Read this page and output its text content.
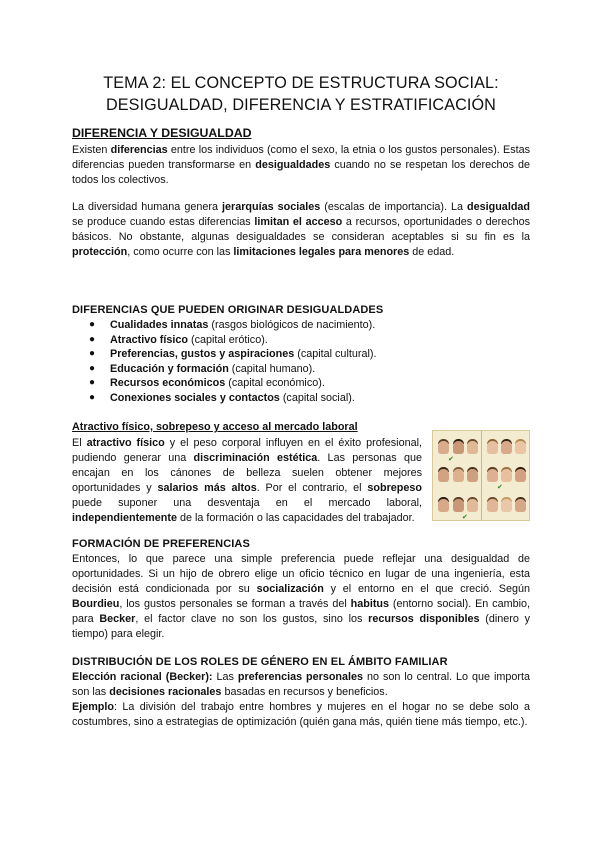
TEMA 2: EL CONCEPTO DE ESTRUCTURA SOCIAL:
DESIGUALDAD, DIFERENCIA Y ESTRATIFICACIÓN
DIFERENCIA Y DESIGUALDAD

Existen diferencias entre los individuos (como el sexo, la etnia o los gustos personales). Estas diferencias pueden transformarse en desigualdades cuando no se respetan los derechos de todos los colectivos.

La diversidad humana genera jerarquías sociales (escalas de importancia). La desigualdad se produce cuando estas diferencias limitan el acceso a recursos, oportunidades o derechos básicos. No obstante, algunas desigualdades se consideran aceptables si su fin es la protección, como ocurre con las limitaciones legales para menores de edad.

DIFERENCIAS QUE PUEDEN ORIGINAR DESIGUALDADES
● Cualidades innatas (rasgos biológicos de nacimiento).
● Atractivo físico (capital erótico).
● Preferencias, gustos y aspiraciones (capital cultural).
● Educación y formación (capital humano).
● Recursos económicos (capital económico).
● Conexiones sociales y contactos (capital social).
Atractivo físico, sobrepeso y acceso al mercado laboral

El atractivo físico y el peso corporal influyen en el éxito profesional, pudiendo generar una discriminación estética. Las personas que encajan en los cánones de belleza suelen obtener mejores oportunidades y salarios más altos. Por el contrario, el sobrepeso puede suponer una desventaja en el mercado laboral, independientemente de la formación o las capacidades del trabajador.

✔
✔
✔
FORMACIÓN DE PREFERENCIAS

Entonces, lo que parece una simple preferencia puede reflejar una desigualdad de oportunidades. Si un hijo de obrero elige un oficio técnico en lugar de una ingeniería, esta decisión está condicionada por su socialización y el entorno en el que creció. Según Bourdieu, los gustos personales se forman a través del habitus (entorno social). En cambio, para Becker, el factor clave no son los gustos, sino los recursos disponibles (dinero y tiempo) para elegir.

DISTRIBUCIÓN DE LOS ROLES DE GÉNERO EN EL ÁMBITO FAMILIAR

Elección racional (Becker): Las preferencias personales no son lo central. Lo que importa son las decisiones racionales basadas en recursos y beneficios.

Ejemplo: La división del trabajo entre hombres y mujeres en el hogar no se debe solo a costumbres, sino a estrategias de optimización (quién gana más, quién tiene más tiempo, etc.).
